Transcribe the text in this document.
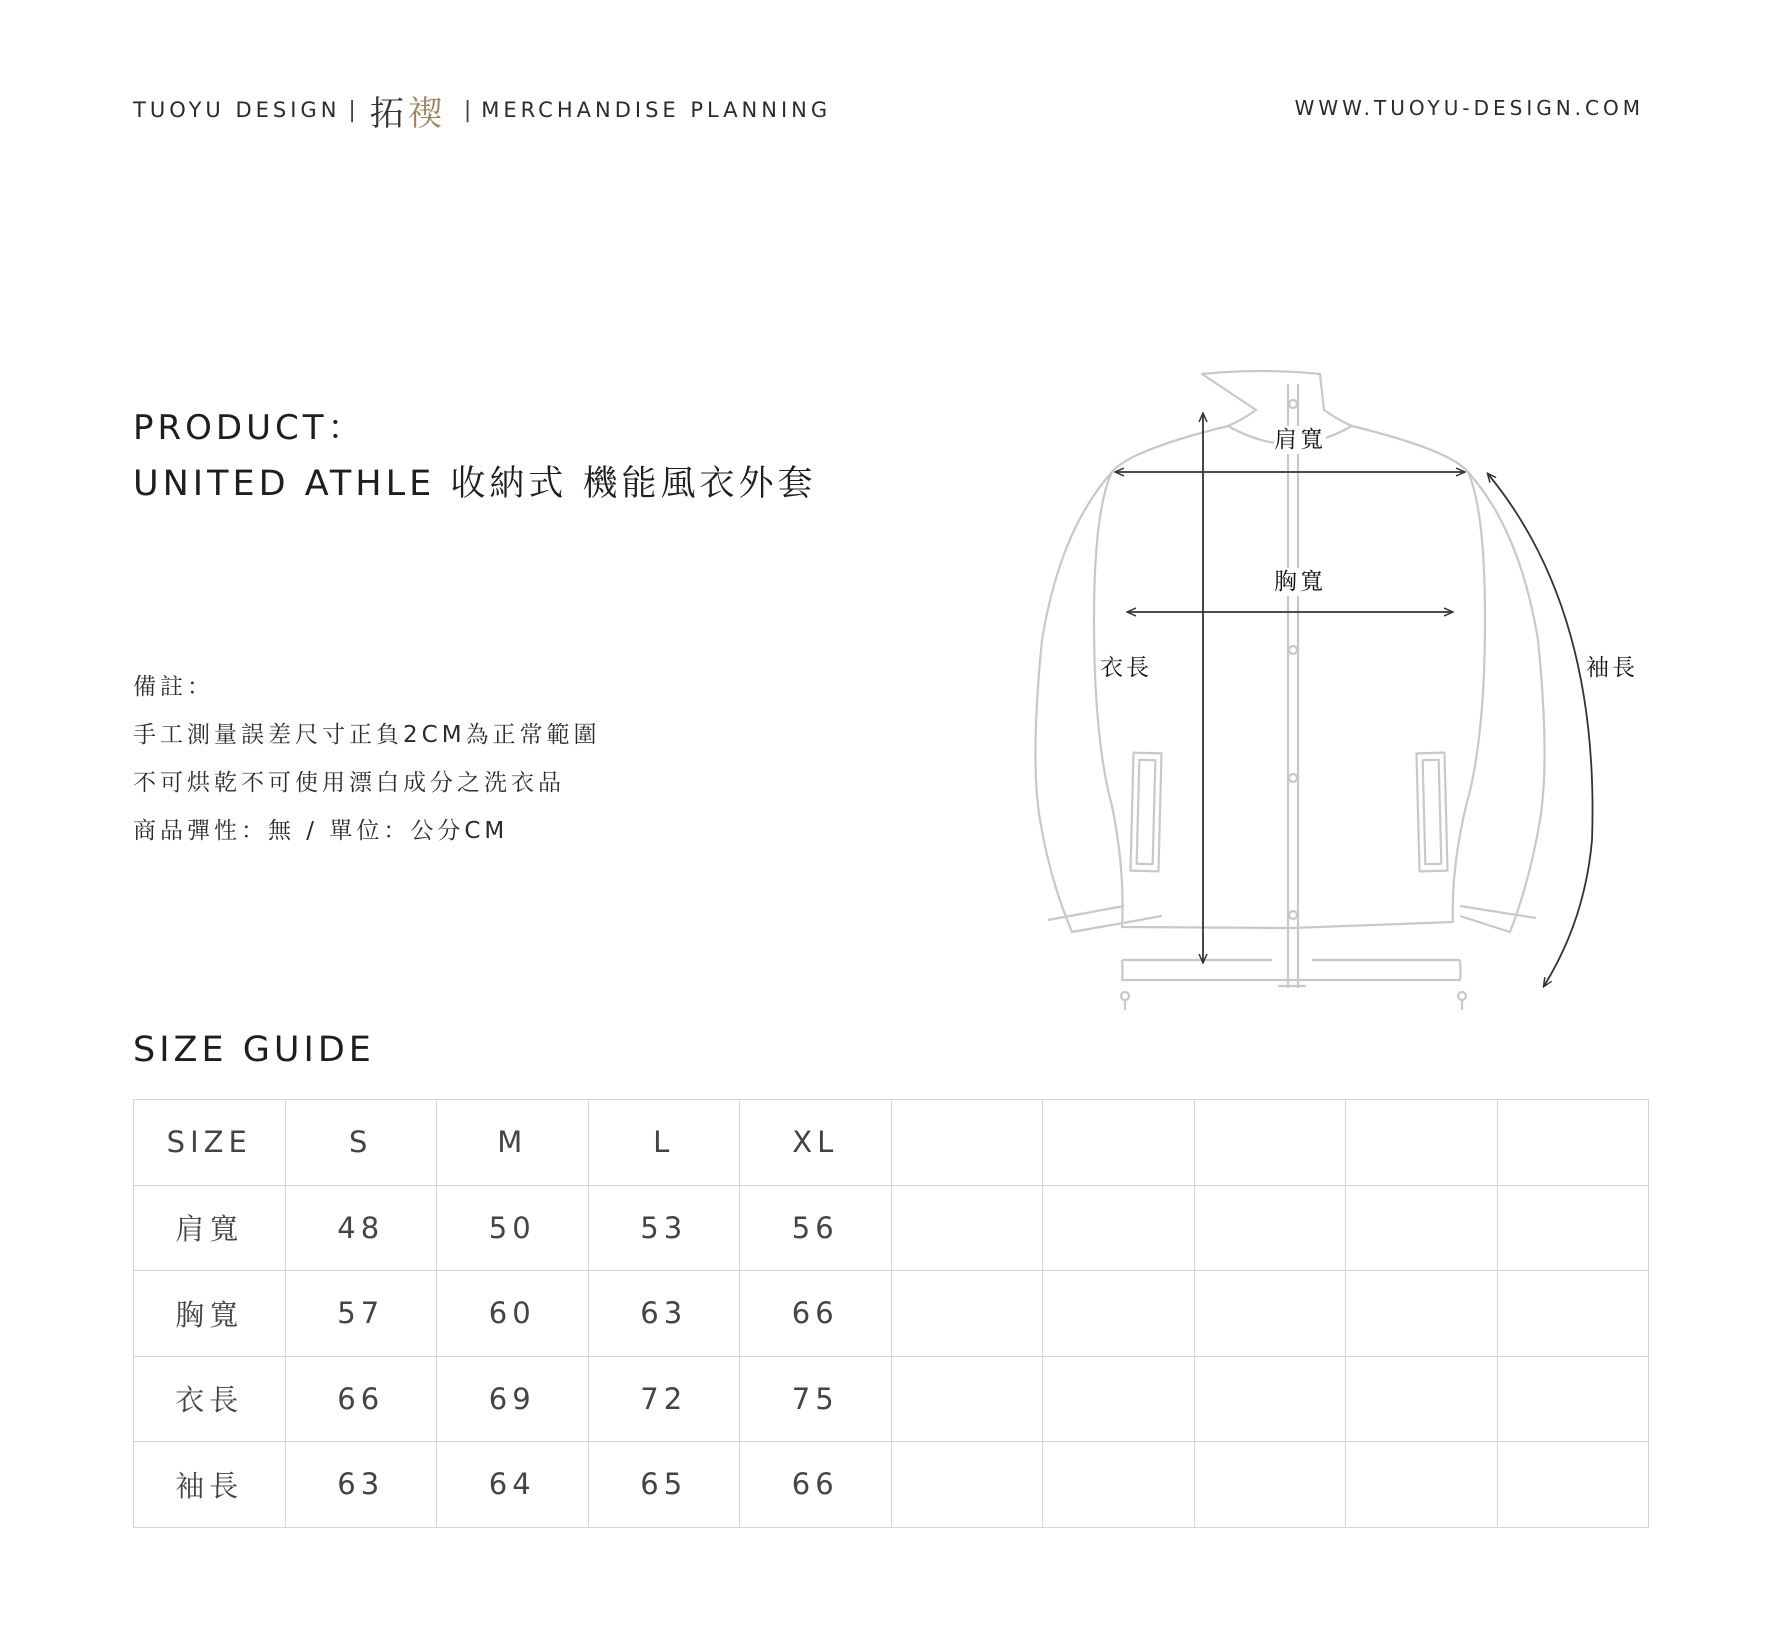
TUOYU DESIGN | 拓禊 | MERCHANDISE PLANNING	WWW.TUOYU-DESIGN.COM
PRODUCT：
UNITED ATHLE 收納式 機能風衣外套
備註：
手工測量誤差尺寸正負2CM為正常範圍
不可烘乾不可使用漂白成分之洗衣品
商品彈性：無 / 單位：公分CM
肩寬
胸寬
衣長	袖長
SIZE GUIDE
SIZE	S	M	L	XL					
肩寬	48	50	53	56					
胸寬	57	60	63	66					
衣長	66	69	72	75					
袖長	63	64	65	66					
